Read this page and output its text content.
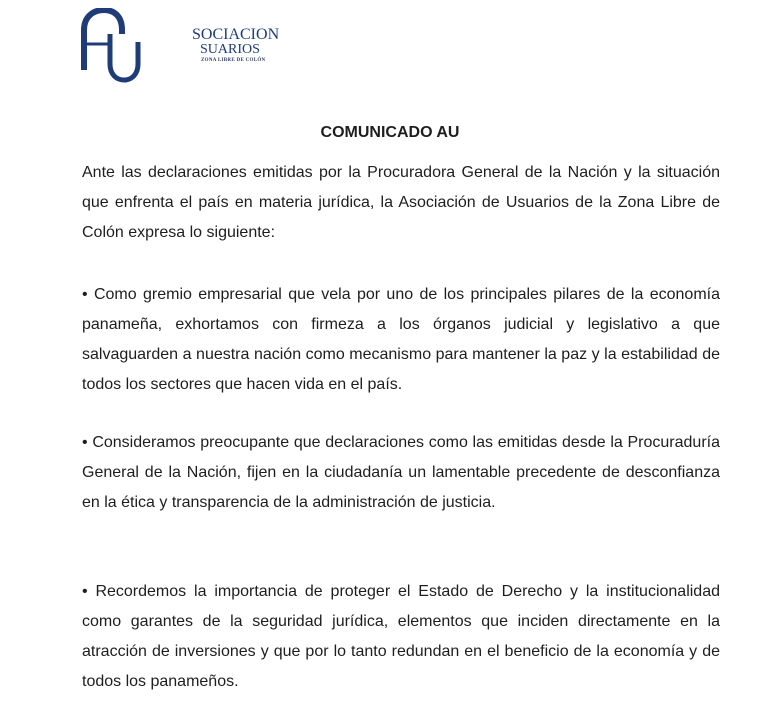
SOCIACION
SUARIOS
ZONA LIBRE DE COLÓN
COMUNICADO AU
Ante las declaraciones emitidas por la Procuradora General de la Nación y la situación que enfrenta el país en materia jurídica, la Asociación de Usuarios de la Zona Libre de Colón expresa lo siguiente:
• Como gremio empresarial que vela por uno de los principales pilares de la economía panameña, exhortamos con firmeza a los órganos judicial y legislativo a que salvaguarden a nuestra nación como mecanismo para mantener la paz y la estabilidad de todos los sectores que hacen vida en el país.
• Consideramos preocupante que declaraciones como las emitidas desde la Procuraduría General de la Nación, fijen en la ciudadanía un lamentable precedente de desconfianza en la ética y transparencia de la administración de justicia.
• Recordemos la importancia de proteger el Estado de Derecho y la institucionalidad como garantes de la seguridad jurídica, elementos que inciden directamente en la atracción de inversiones y que por lo tanto redundan en el beneficio de la economía y de todos los panameños.
